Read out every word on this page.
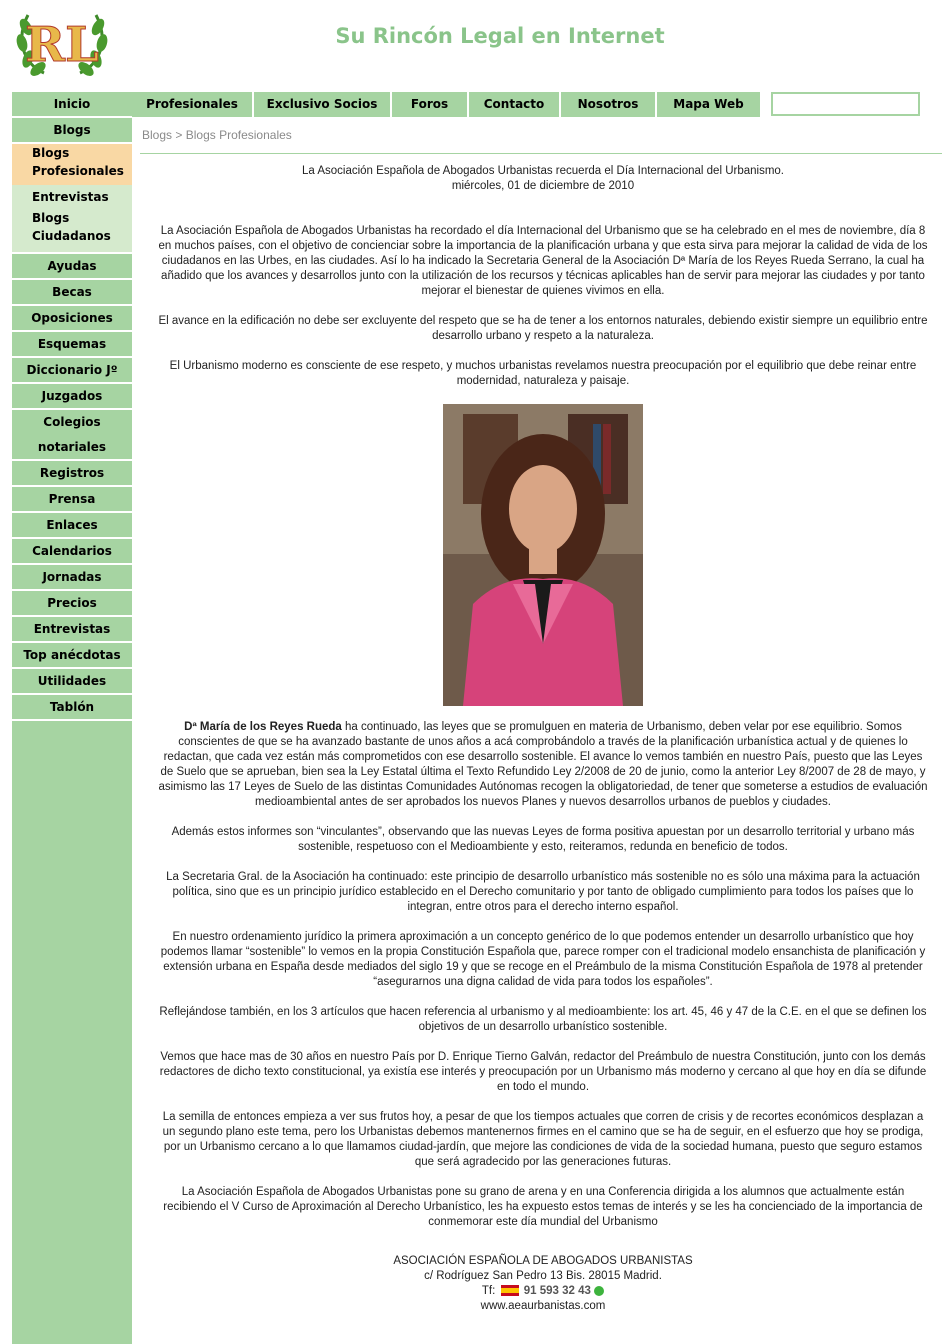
RL	Su Rincón Legal en Internet
Inicio
Blogs
Blogs
Profesionales
Entrevistas
Blogs
Ciudadanos
Ayudas
Becas
Oposiciones
Esquemas
Diccionario Jº
Juzgados
Colegios
notariales
Registros
Prensa
Enlaces
Calendarios
Jornadas
Precios
Entrevistas
Top anécdotas
Utilidades
Tablón
Profesionales	Exclusivo Socios	Foros	Contacto	Nosotros	Mapa Web
Blogs > Blogs Profesionales
La Asociación Española de Abogados Urbanistas recuerda el Día Internacional del Urbanismo.
miércoles, 01 de diciembre de 2010

La Asociación Española de Abogados Urbanistas ha recordado el día Internacional del Urbanismo que se ha celebrado en el mes de noviembre, día 8 en muchos países, con el objetivo de concienciar sobre la importancia de la planificación urbana y que esta sirva para mejorar la calidad de vida de los ciudadanos en las Urbes, en las ciudades. Así lo ha indicado la Secretaria General de la Asociación Dª María de los Reyes Rueda Serrano, la cual ha añadido que los avances y desarrollos junto con la utilización de los recursos y técnicas aplicables han de servir para mejorar las ciudades y por tanto mejorar el bienestar de quienes vivimos en ella.

El avance en la edificación no debe ser excluyente del respeto que se ha de tener a los entornos naturales, debiendo existir siempre un equilibrio entre desarrollo urbano y respeto a la naturaleza.

El Urbanismo moderno es consciente de ese respeto, y muchos urbanistas revelamos nuestra preocupación por el equilibrio que debe reinar entre modernidad, naturaleza y paisaje.

Dª María de los Reyes Rueda ha continuado, las leyes que se promulguen en materia de Urbanismo, deben velar por ese equilibrio. Somos conscientes de que se ha avanzado bastante de unos años a acá comprobándolo a través de la planificación urbanística actual y de quienes lo redactan, que cada vez están más comprometidos con ese desarrollo sostenible. El avance lo vemos también en nuestro País, puesto que las Leyes de Suelo que se aprueban, bien sea la Ley Estatal última el Texto Refundido Ley 2/2008 de 20 de junio, como la anterior Ley 8/2007 de 28 de mayo, y asimismo las 17 Leyes de Suelo de las distintas Comunidades Autónomas recogen la obligatoriedad, de tener que someterse a estudios de evaluación medioambiental antes de ser aprobados los nuevos Planes y nuevos desarrollos urbanos de pueblos y ciudades.

Además estos informes son “vinculantes”, observando que las nuevas Leyes de forma positiva apuestan por un desarrollo territorial y urbano más sostenible, respetuoso con el Medioambiente y esto, reiteramos, redunda en beneficio de todos.

La Secretaria Gral. de la Asociación ha continuado: este principio de desarrollo urbanístico más sostenible no es sólo una máxima para la actuación política, sino que es un principio jurídico establecido en el Derecho comunitario y por tanto de obligado cumplimiento para todos los países que lo integran, entre otros para el derecho interno español.

En nuestro ordenamiento jurídico la primera aproximación a un concepto genérico de lo que podemos entender un desarrollo urbanístico que hoy podemos llamar “sostenible” lo vemos en la propia Constitución Española que, parece romper con el tradicional modelo ensanchista de planificación y extensión urbana en España desde mediados del siglo 19 y que se recoge en el Preámbulo de la misma Constitución Española de 1978 al pretender “asegurarnos una digna calidad de vida para todos los españoles”.

Reflejándose también, en los 3 artículos que hacen referencia al urbanismo y al medioambiente: los art. 45, 46 y 47 de la C.E. en el que se definen los objetivos de un desarrollo urbanístico sostenible.

Vemos que hace mas de 30 años en nuestro País por D. Enrique Tierno Galván, redactor del Preámbulo de nuestra Constitución, junto con los demás redactores de dicho texto constitucional, ya existía ese interés y preocupación por un Urbanismo más moderno y cercano al que hoy en día se difunde en todo el mundo.

La semilla de entonces empieza a ver sus frutos hoy, a pesar de que los tiempos actuales que corren de crisis y de recortes económicos desplazan a un segundo plano este tema, pero los Urbanistas debemos mantenernos firmes en el camino que se ha de seguir, en el esfuerzo que hoy se prodiga, por un Urbanismo cercano a lo que llamamos ciudad-jardín, que mejore las condiciones de vida de la sociedad humana, puesto que seguro estamos que será agradecido por las generaciones futuras.

La Asociación Española de Abogados Urbanistas pone su grano de arena y en una Conferencia dirigida a los alumnos que actualmente están recibiendo el V Curso de Aproximación al Derecho Urbanístico, les ha expuesto estos temas de interés y se les ha concienciado de la importancia de conmemorar este día mundial del Urbanismo

ASOCIACIÓN ESPAÑOLA DE ABOGADOS URBANISTAS
c/ Rodríguez San Pedro 13 Bis. 28015 Madrid.
Tf: 91 593 32 43
www.aeaurbanistas.com
